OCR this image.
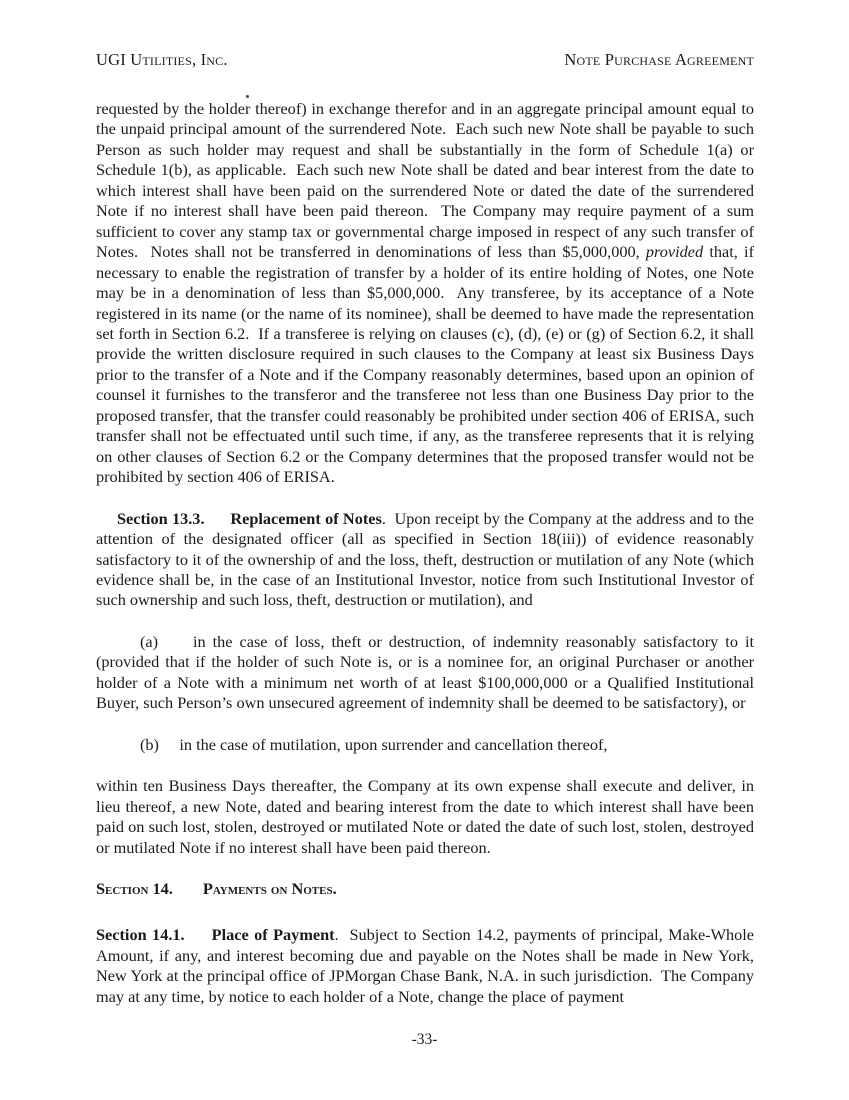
UGI Utilities, Inc.	Note Purchase Agreement

requested by the holder thereof) in exchange therefor and in an aggregate principal amount equal to the unpaid principal amount of the surrendered Note.  Each such new Note shall be payable to such Person as such holder may request and shall be substantially in the form of Schedule 1(a) or Schedule 1(b), as applicable.  Each such new Note shall be dated and bear interest from the date to which interest shall have been paid on the surrendered Note or dated the date of the surrendered Note if no interest shall have been paid thereon.  The Company may require payment of a sum sufficient to cover any stamp tax or governmental charge imposed in respect of any such transfer of Notes.  Notes shall not be transferred in denominations of less than $5,000,000, provided that, if necessary to enable the registration of transfer by a holder of its entire holding of Notes, one Note may be in a denomination of less than $5,000,000.  Any transferee, by its acceptance of a Note registered in its name (or the name of its nominee), shall be deemed to have made the representation set forth in Section 6.2.  If a transferee is relying on clauses (c), (d), (e) or (g) of Section 6.2, it shall provide the written disclosure required in such clauses to the Company at least six Business Days prior to the transfer of a Note and if the Company reasonably determines, based upon an opinion of counsel it furnishes to the transferor and the transferee not less than one Business Day prior to the proposed transfer, that the transfer could reasonably be prohibited under section 406 of ERISA, such transfer shall not be effectuated until such time, if any, as the transferee represents that it is relying on other clauses of Section 6.2 or the Company determines that the proposed transfer would not be prohibited by section 406 of ERISA.

Section 13.3. Replacement of Notes.  Upon receipt by the Company at the address and to the attention of the designated officer (all as specified in Section 18(iii)) of evidence reasonably satisfactory to it of the ownership of and the loss, theft, destruction or mutilation of any Note (which evidence shall be, in the case of an Institutional Investor, notice from such Institutional Investor of such ownership and such loss, theft, destruction or mutilation), and

(a)     in the case of loss, theft or destruction, of indemnity reasonably satisfactory to it (provided that if the holder of such Note is, or is a nominee for, an original Purchaser or another holder of a Note with a minimum net worth of at least $100,000,000 or a Qualified Institutional Buyer, such Person’s own unsecured agreement of indemnity shall be deemed to be satisfactory), or

(b)     in the case of mutilation, upon surrender and cancellation thereof,

within ten Business Days thereafter, the Company at its own expense shall execute and deliver, in lieu thereof, a new Note, dated and bearing interest from the date to which interest shall have been paid on such lost, stolen, destroyed or mutilated Note or dated the date of such lost, stolen, destroyed or mutilated Note if no interest shall have been paid thereon.

Section 14. Payments on Notes.

Section 14.1. Place of Payment.  Subject to Section 14.2, payments of principal, Make-Whole Amount, if any, and interest becoming due and payable on the Notes shall be made in New York, New York at the principal office of JPMorgan Chase Bank, N.A. in such jurisdiction.  The Company may at any time, by notice to each holder of a Note, change the place of payment

-33-
